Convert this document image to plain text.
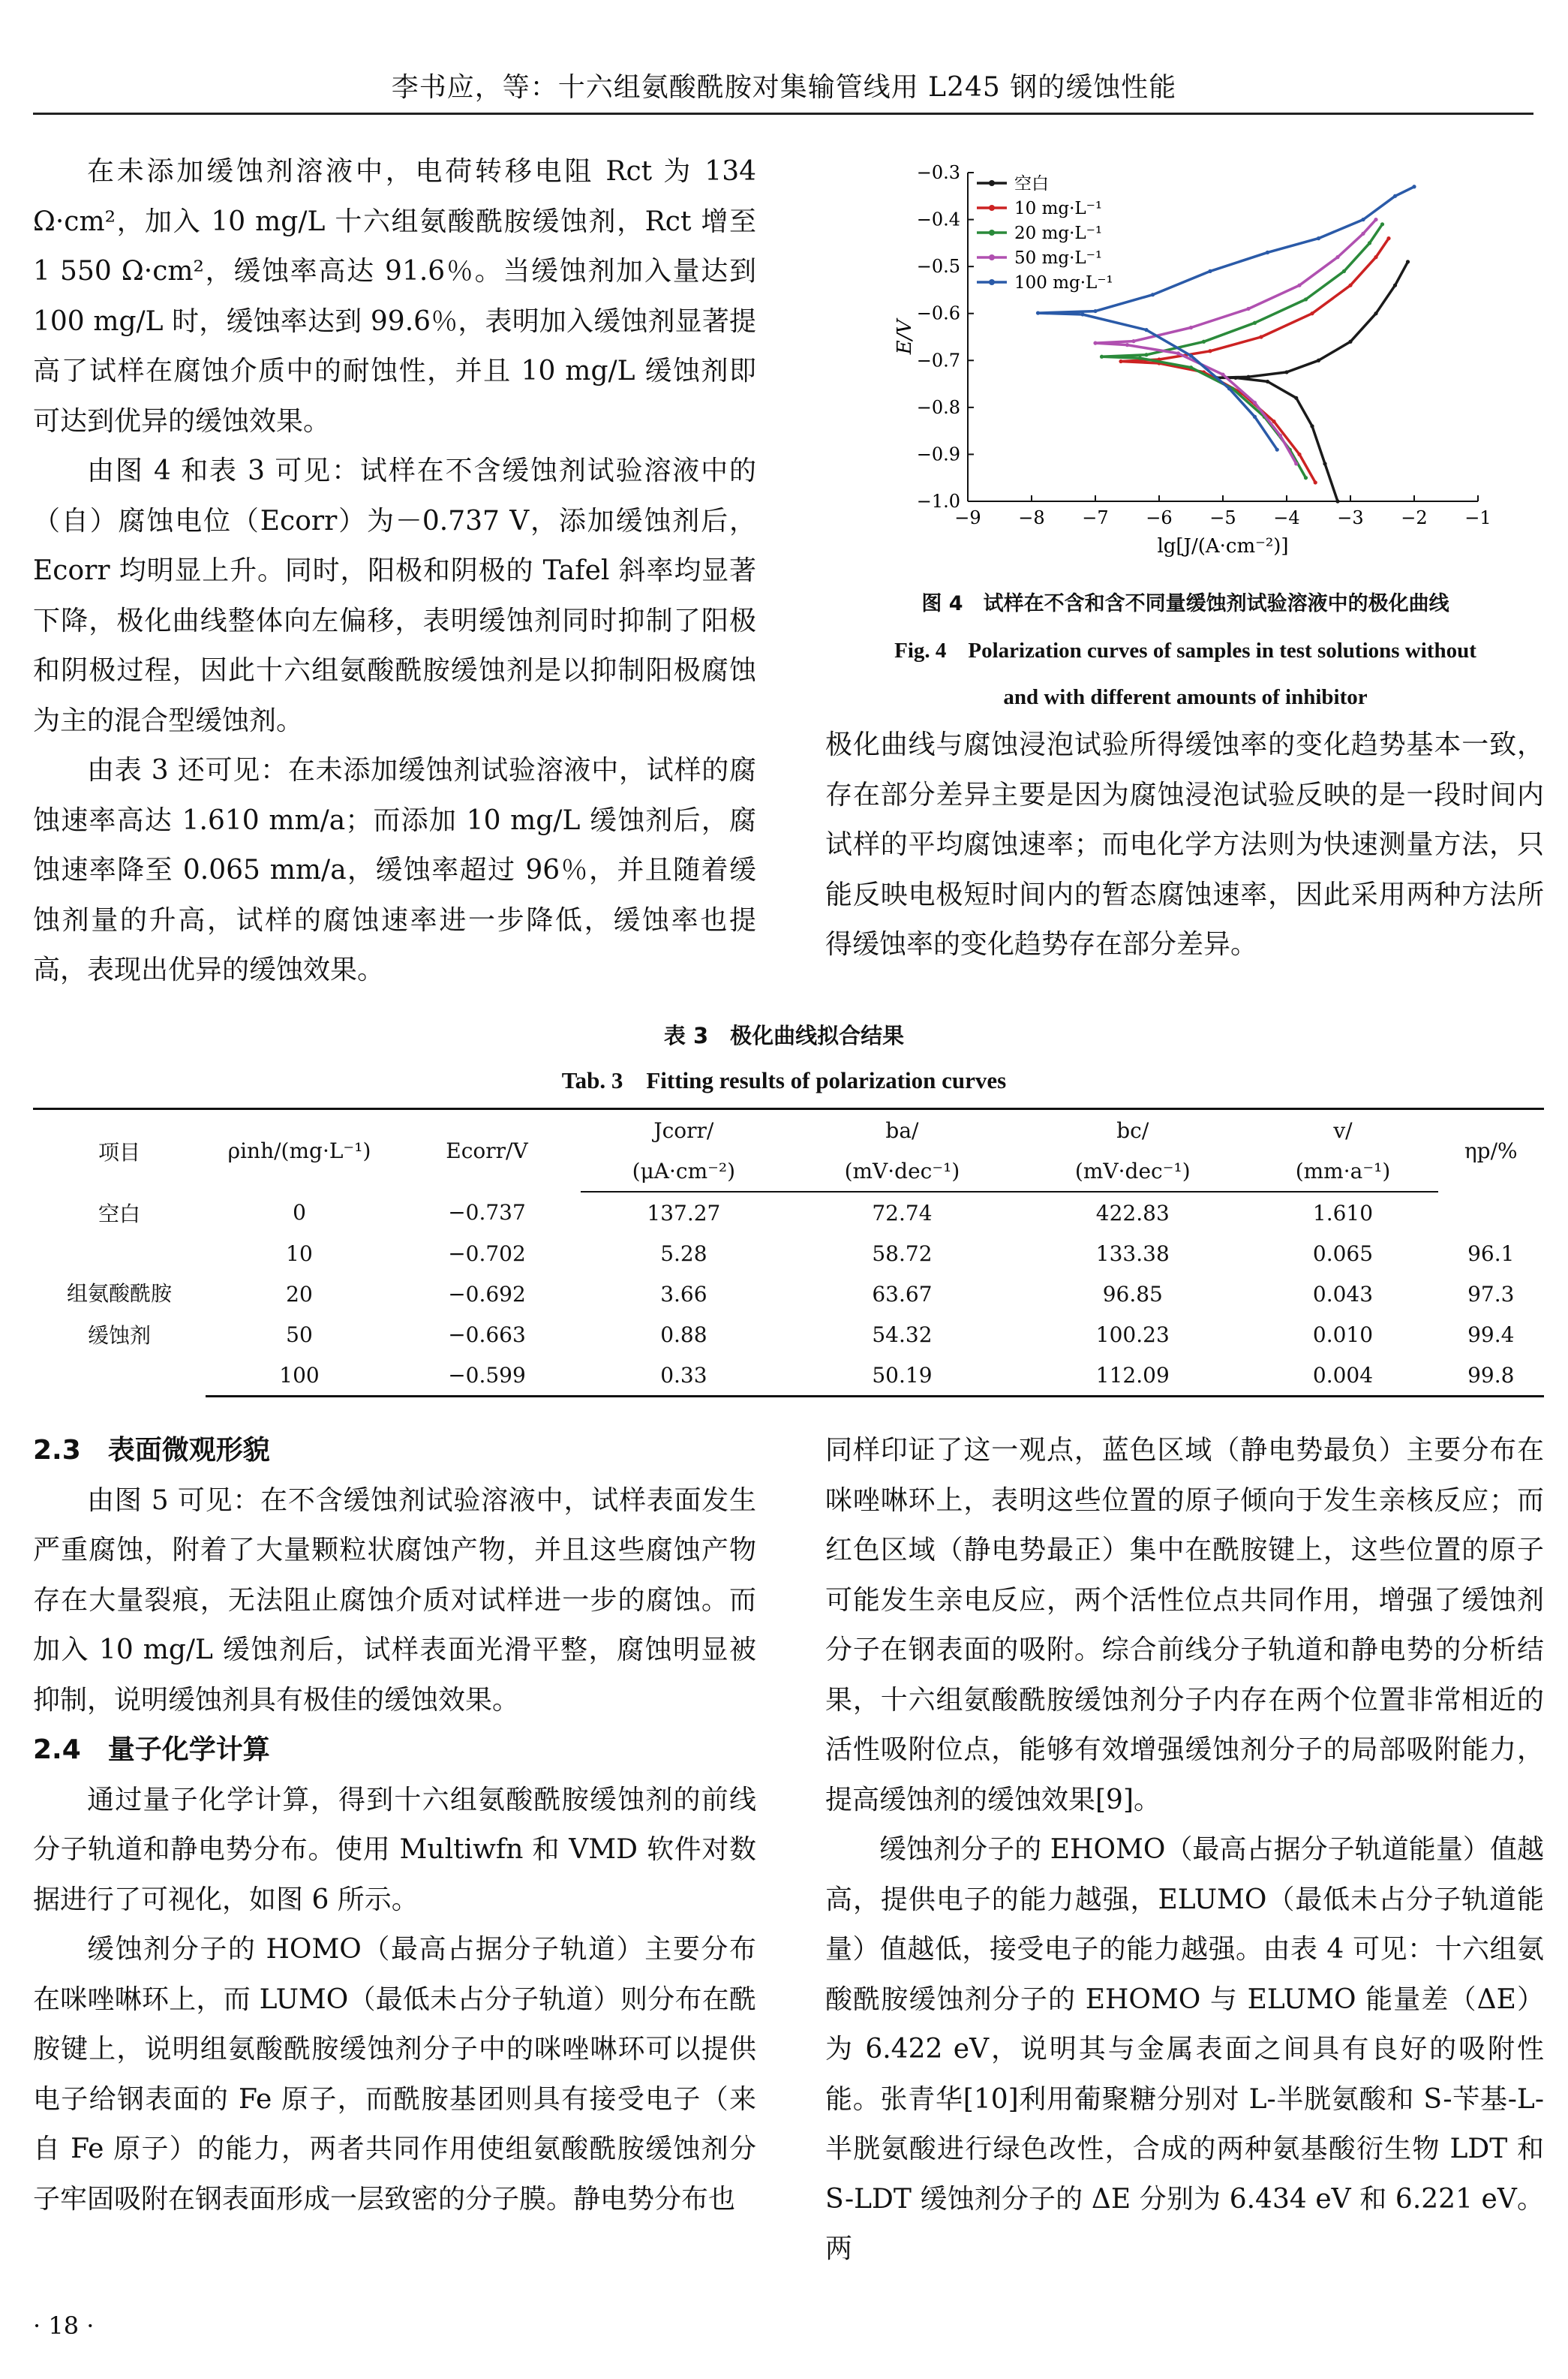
李书应，等：十六组氨酸酰胺对集输管线用 L245 钢的缓蚀性能

在未添加缓蚀剂溶液中，电荷转移电阻 Rct 为 134 Ω·cm²，加入 10 mg/L 十六组氨酸酰胺缓蚀剂，Rct 增至 1 550 Ω·cm²，缓蚀率高达 91.6％。当缓蚀剂加入量达到 100 mg/L 时，缓蚀率达到 99.6％，表明加入缓蚀剂显著提高了试样在腐蚀介质中的耐蚀性，并且 10 mg/L 缓蚀剂即可达到优异的缓蚀效果。

由图 4 和表 3 可见：试样在不含缓蚀剂试验溶液中的（自）腐蚀电位（Ecorr）为－0.737 V，添加缓蚀剂后，Ecorr 均明显上升。同时，阳极和阴极的 Tafel 斜率均显著下降，极化曲线整体向左偏移，表明缓蚀剂同时抑制了阳极和阴极过程，因此十六组氨酸酰胺缓蚀剂是以抑制阳极腐蚀为主的混合型缓蚀剂。

由表 3 还可见：在未添加缓蚀剂试验溶液中，试样的腐蚀速率高达 1.610 mm/a；而添加 10 mg/L 缓蚀剂后，腐蚀速率降至 0.065 mm/a，缓蚀率超过 96％，并且随着缓蚀剂量的升高，试样的腐蚀速率进一步降低，缓蚀率也提高，表现出优异的缓蚀效果。

−9 −8 −7 −6 −5 −4 −3 −2 −1
−0.3
−0.4
−0.5
−0.6
−0.7
−0.8
−0.9
−1.0
lg[J/(A·cm⁻²)]
E/V
空白
10 mg·L⁻¹
20 mg·L⁻¹
50 mg·L⁻¹
100 mg·L⁻¹
图 4　试样在不含和含不同量缓蚀剂试验溶液中的极化曲线
Fig. 4　Polarization curves of samples in test solutions without
and with different amounts of inhibitor

极化曲线与腐蚀浸泡试验所得缓蚀率的变化趋势基本一致，存在部分差异主要是因为腐蚀浸泡试验反映的是一段时间内试样的平均腐蚀速率；而电化学方法则为快速测量方法，只能反映电极短时间内的暂态腐蚀速率，因此采用两种方法所得缓蚀率的变化趋势存在部分差异。

表 3　极化曲线拟合结果
Tab. 3　Fitting results of polarization curves
项目	ρinh/(mg·L⁻¹)	Ecorr/V	Jcorr/	ba/	bc/	v/	ηp/%
			(μA·cm⁻²)	(mV·dec⁻¹)	(mV·dec⁻¹)	(mm·a⁻¹)	
空白	0	−0.737	137.27	72.74	422.83	1.610	

组氨酸酰胺
缓蚀剂	10	−0.702	5.28	58.72	133.38	0.065	96.1
	20	−0.692	3.66	63.67	96.85	0.043	97.3
	50	−0.663	0.88	54.32	100.23	0.010	99.4
	100	−0.599	0.33	50.19	112.09	0.004	99.8
2.3　表面微观形貌

由图 5 可见：在不含缓蚀剂试验溶液中，试样表面发生严重腐蚀，附着了大量颗粒状腐蚀产物，并且这些腐蚀产物存在大量裂痕，无法阻止腐蚀介质对试样进一步的腐蚀。而加入 10 mg/L 缓蚀剂后，试样表面光滑平整，腐蚀明显被抑制，说明缓蚀剂具有极佳的缓蚀效果。

2.4　量子化学计算

通过量子化学计算，得到十六组氨酸酰胺缓蚀剂的前线分子轨道和静电势分布。使用 Multiwfn 和 VMD 软件对数据进行了可视化，如图 6 所示。

缓蚀剂分子的 HOMO（最高占据分子轨道）主要分布在咪唑啉环上，而 LUMO（最低未占分子轨道）则分布在酰胺键上，说明组氨酸酰胺缓蚀剂分子中的咪唑啉环可以提供电子给钢表面的 Fe 原子，而酰胺基团则具有接受电子（来自 Fe 原子）的能力，两者共同作用使组氨酸酰胺缓蚀剂分子牢固吸附在钢表面形成一层致密的分子膜。静电势分布也

同样印证了这一观点，蓝色区域（静电势最负）主要分布在咪唑啉环上，表明这些位置的原子倾向于发生亲核反应；而红色区域（静电势最正）集中在酰胺键上，这些位置的原子可能发生亲电反应，两个活性位点共同作用，增强了缓蚀剂分子在钢表面的吸附。综合前线分子轨道和静电势的分析结果，十六组氨酸酰胺缓蚀剂分子内存在两个位置非常相近的活性吸附位点，能够有效增强缓蚀剂分子的局部吸附能力，提高缓蚀剂的缓蚀效果[9]。

缓蚀剂分子的 EHOMO（最高占据分子轨道能量）值越高，提供电子的能力越强，ELUMO（最低未占分子轨道能量）值越低，接受电子的能力越强。由表 4 可见：十六组氨酸酰胺缓蚀剂分子的 EHOMO 与 ELUMO 能量差（ΔE）为 6.422 eV，说明其与金属表面之间具有良好的吸附性能。张青华[10]利用葡聚糖分别对 L-半胱氨酸和 S-苄基-L-半胱氨酸进行绿色改性，合成的两种氨基酸衍生物 LDT 和 S-LDT 缓蚀剂分子的 ΔE 分别为 6.434 eV 和 6.221 eV。两

· 18 ·
